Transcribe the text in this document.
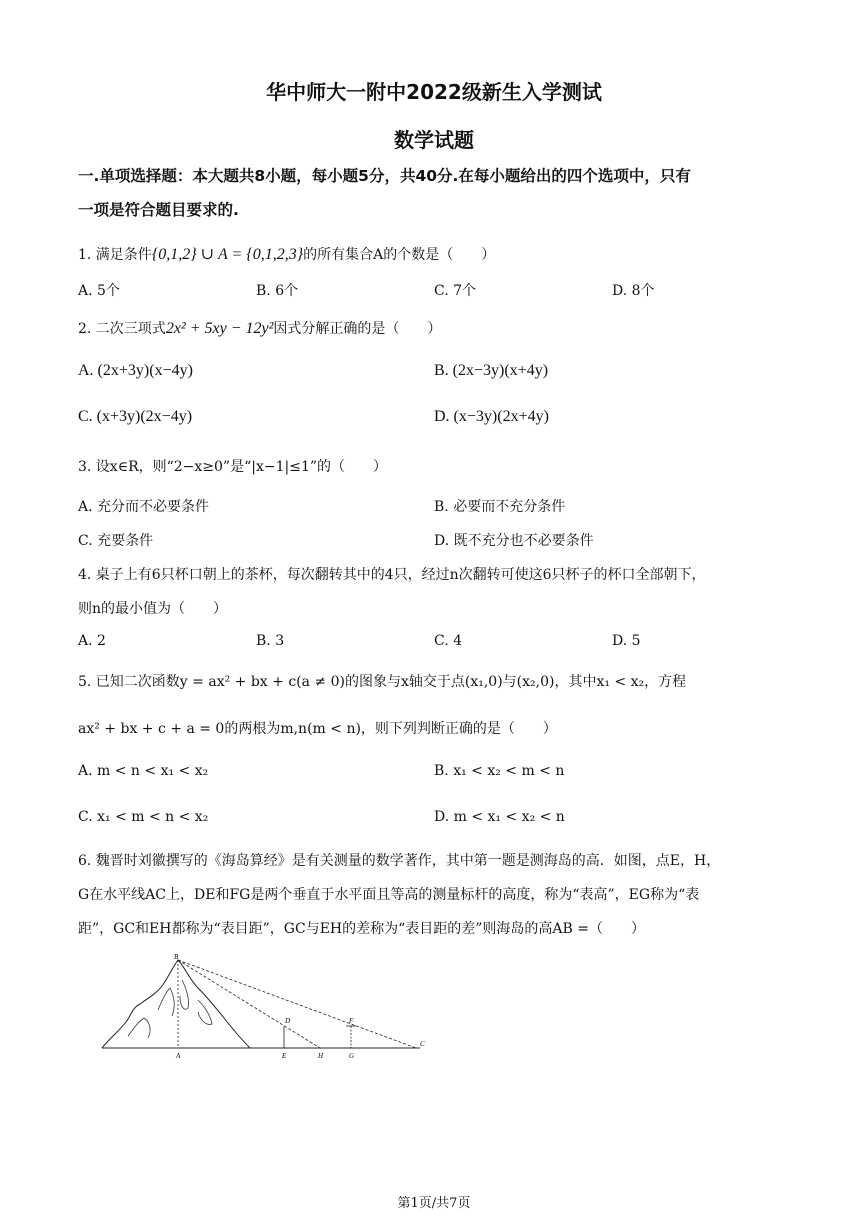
华中师大一附中2022级新生入学测试
数学试题
一.单项选择题：本大题共8小题，每小题5分，共40分.在每小题给出的四个选项中，只有
一项是符合题目要求的.
1. 满足条件{0,1,2} ∪ A = {0,1,2,3}的所有集合A的个数是（　　）
A. 5个	B. 6个	C. 7个	D. 8个
2. 二次三项式2x² + 5xy − 12y²因式分解正确的是（　　）
A. (2x+3y)(x−4y)	B. (2x−3y)(x+4y)
C. (x+3y)(2x−4y)	D. (x−3y)(2x+4y)
3. 设x∈R，则“2−x≥0”是“|x−1|≤1”的（　　）
A. 充分而不必要条件	B. 必要而不充分条件
C. 充要条件	D. 既不充分也不必要条件
4. 桌子上有6只杯口朝上的茶杯，每次翻转其中的4只，经过n次翻转可使这6只杯子的杯口全部朝下，
则n的最小值为（　　）
A. 2	B. 3	C. 4	D. 5
5. 已知二次函数y = ax² + bx + c(a ≠ 0)的图象与x轴交于点(x₁,0)与(x₂,0)，其中x₁ < x₂，方程
ax² + bx + c + a = 0的两根为m,n(m < n)，则下列判断正确的是（　　）
A. m < n < x₁ < x₂	B. x₁ < x₂ < m < n
C. x₁ < m < n < x₂	D. m < x₁ < x₂ < n
6. 魏晋时刘徽撰写的《海岛算经》是有关测量的数学著作，其中第一题是测海岛的高．如图，点E，H，
G在水平线AC上，DE和FG是两个垂直于水平面且等高的测量标杆的高度，称为“表高”，EG称为“表
距”，GC和EH都称为“表目距”，GC与EH的差称为“表目距的差”则海岛的高AB =（　　）
B
D	F
A	E	H	G
C
第1页/共7页
